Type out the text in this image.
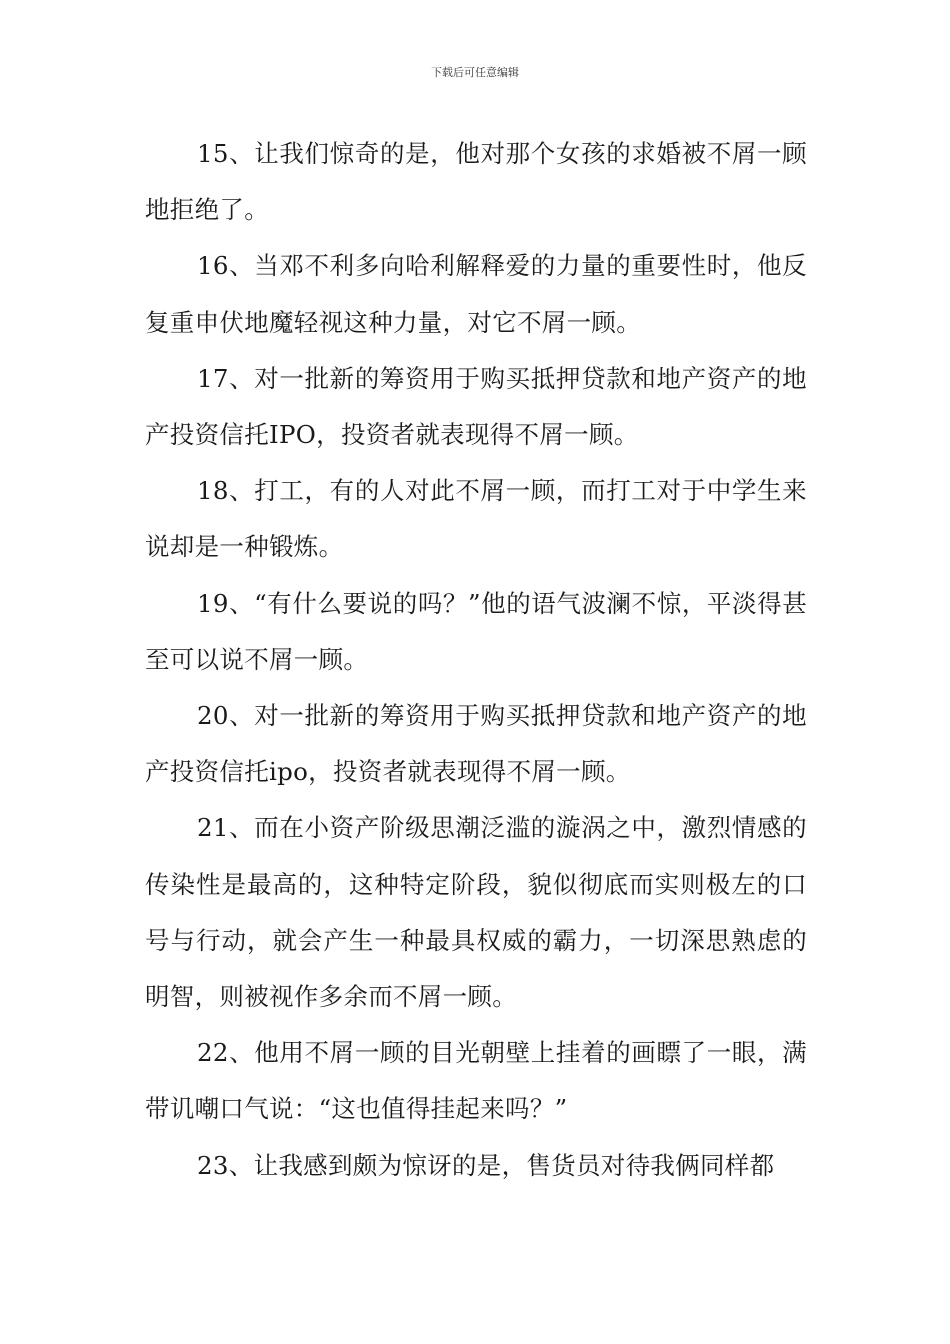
下载后可任意编辑

15、让我们惊奇的是，他对那个女孩的求婚被不屑一顾地拒绝了。

16、当邓不利多向哈利解释爱的力量的重要性时，他反复重申伏地魔轻视这种力量，对它不屑一顾。

17、对一批新的筹资用于购买抵押贷款和地产资产的地产投资信托IPO，投资者就表现得不屑一顾。

18、打工，有的人对此不屑一顾，而打工对于中学生来说却是一种锻炼。

19、“有什么要说的吗？”他的语气波澜不惊，平淡得甚至可以说不屑一顾。

20、对一批新的筹资用于购买抵押贷款和地产资产的地产投资信托ipo，投资者就表现得不屑一顾。

21、而在小资产阶级思潮泛滥的漩涡之中，激烈情感的传染性是最高的，这种特定阶段，貌似彻底而实则极左的口号与行动，就会产生一种最具权威的霸力，一切深思熟虑的明智，则被视作多余而不屑一顾。

22、他用不屑一顾的目光朝壁上挂着的画瞟了一眼，满带讥嘲口气说：“这也值得挂起来吗？”

23、让我感到颇为惊讶的是，售货员对待我俩同样都
